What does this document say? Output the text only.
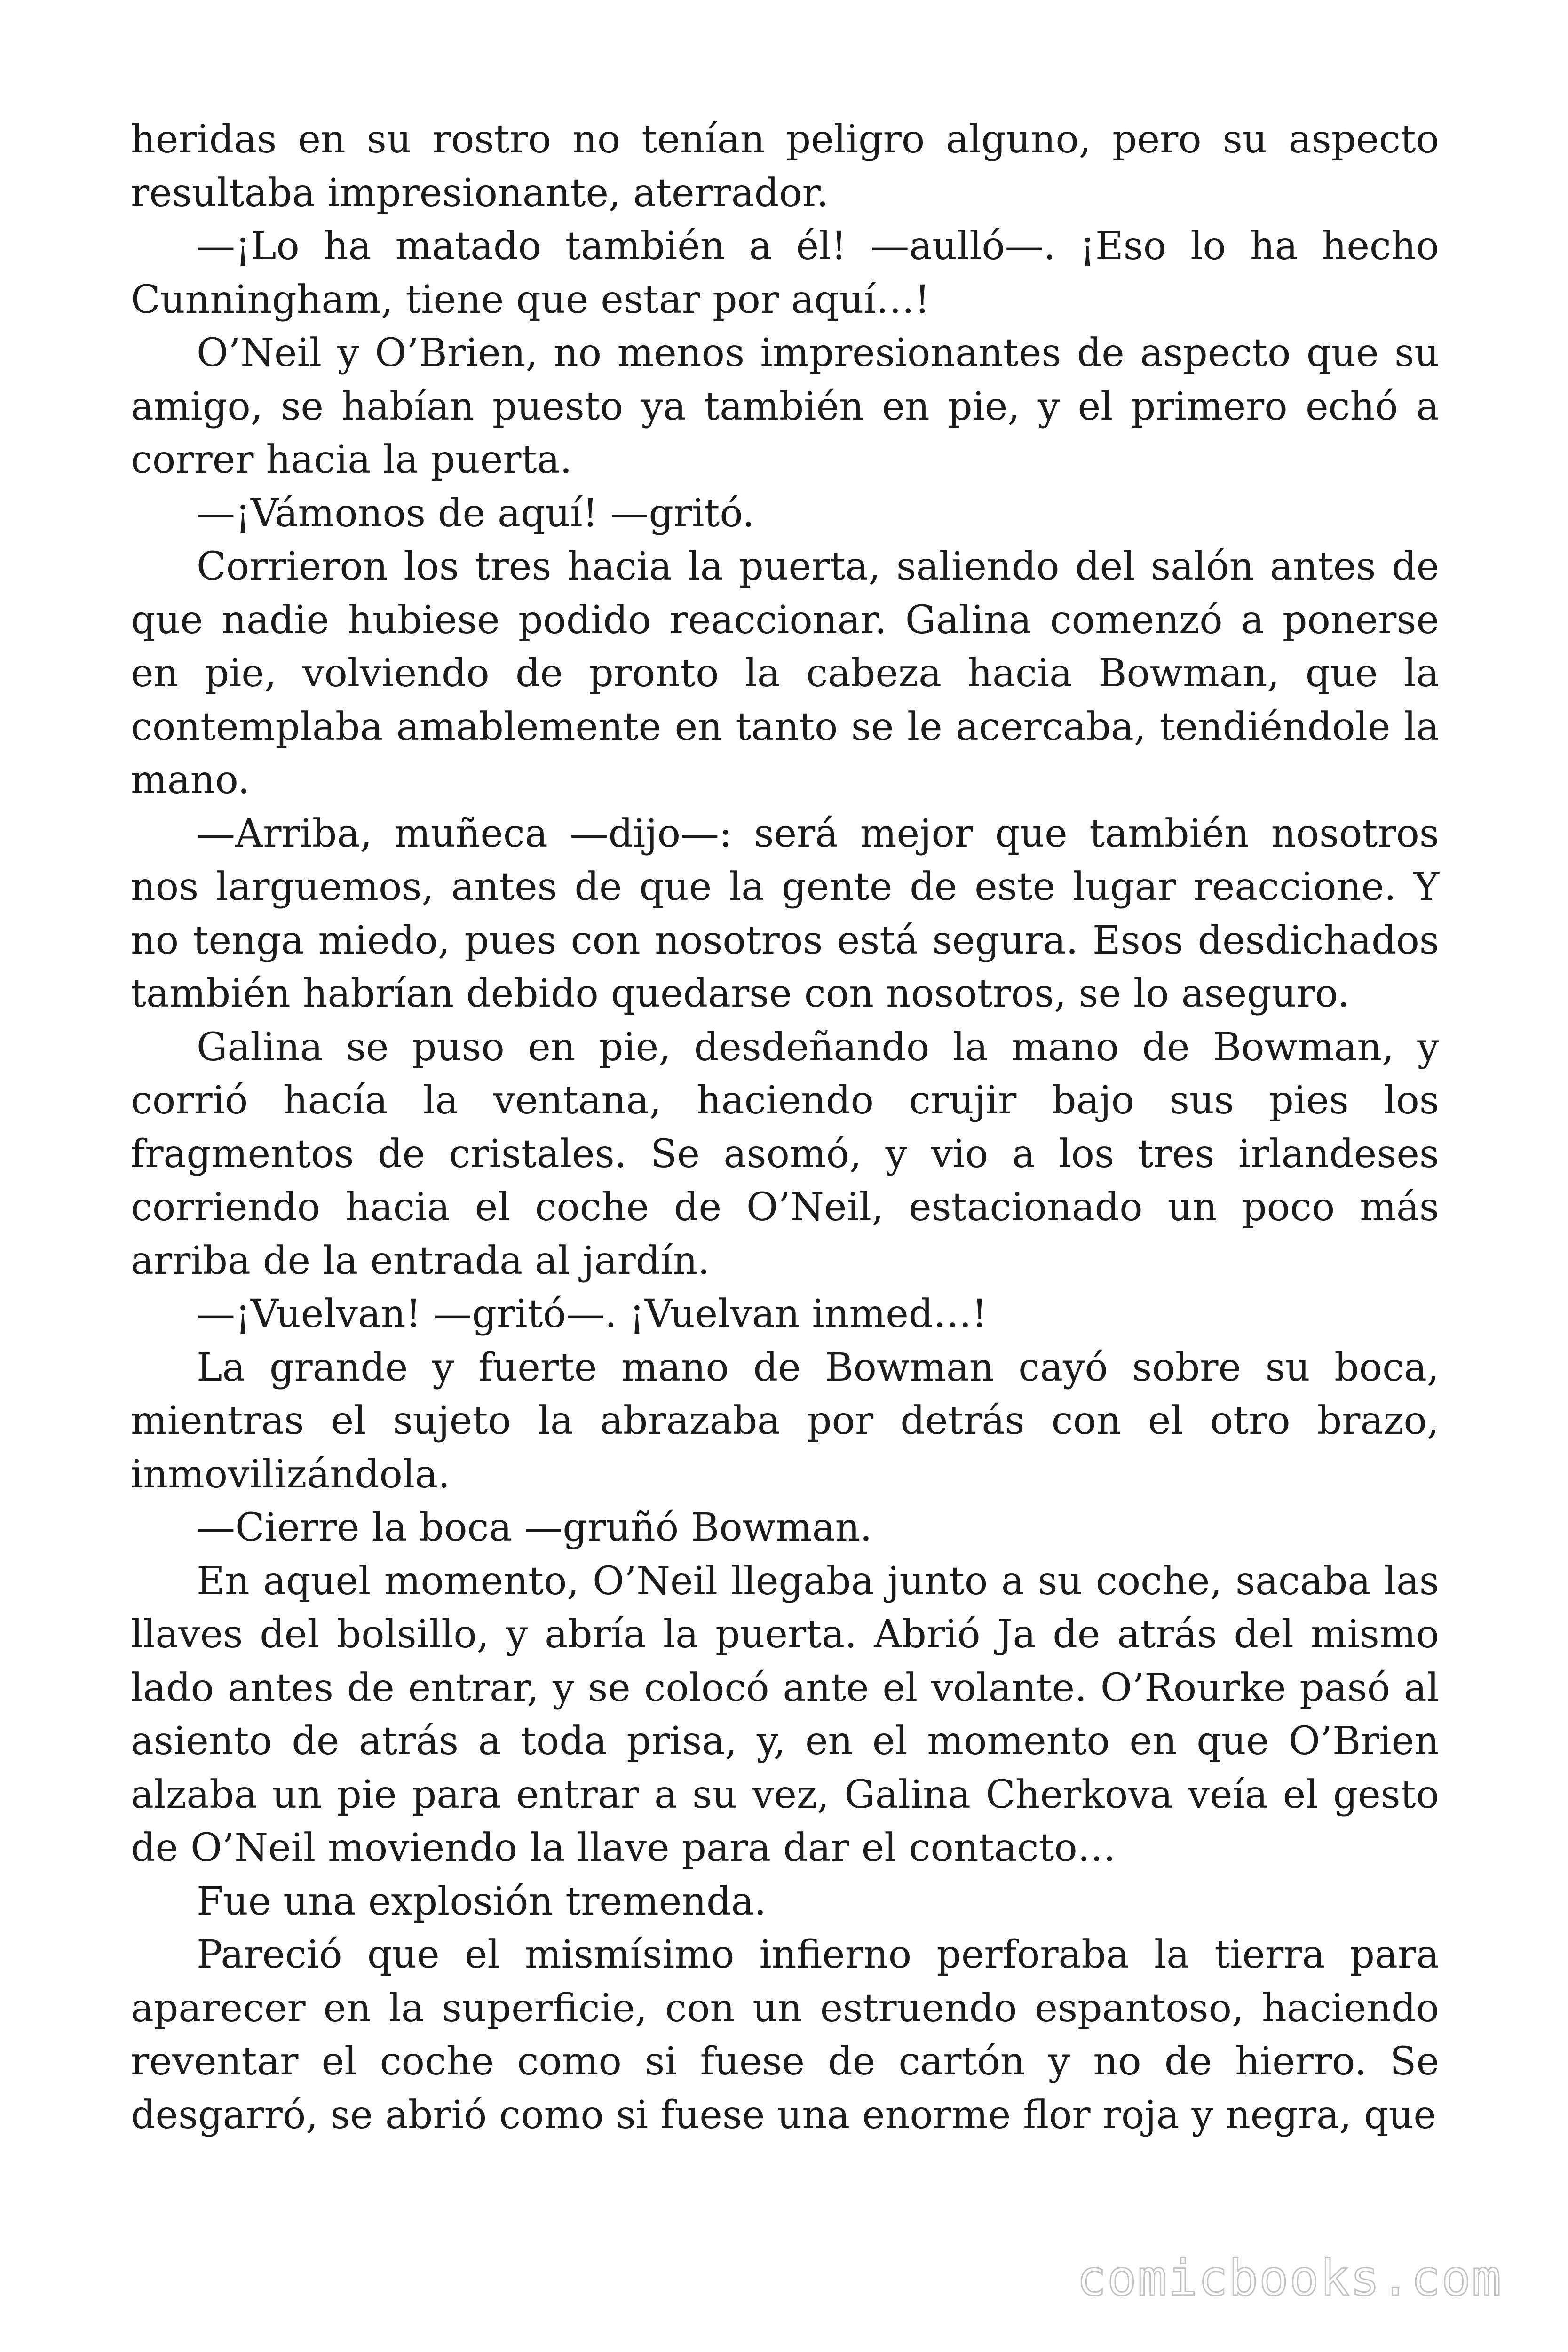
heridas en su rostro no tenían peligro alguno, pero su aspecto resultaba impresionante, aterrador.

—¡Lo ha matado también a él! —aulló—. ¡Eso lo ha hecho Cunningham, tiene que estar por aquí…!

O’Neil y O’Brien, no menos impresionantes de aspecto que su amigo, se habían puesto ya también en pie, y el primero echó a correr hacia la puerta.

—¡Vámonos de aquí! —gritó.

Corrieron los tres hacia la puerta, saliendo del salón antes de que nadie hubiese podido reaccionar. Galina comenzó a ponerse en pie, volviendo de pronto la cabeza hacia Bowman, que la contemplaba amablemente en tanto se le acercaba, tendiéndole la mano.

—Arriba, muñeca —dijo—: será mejor que también nosotros nos larguemos, antes de que la gente de este lugar reaccione. Y no tenga miedo, pues con nosotros está segura. Esos desdichados también habrían debido quedarse con nosotros, se lo aseguro.

Galina se puso en pie, desdeñando la mano de Bowman, y corrió hacía la ventana, haciendo crujir bajo sus pies los fragmentos de cristales. Se asomó, y vio a los tres irlandeses corriendo hacia el coche de O’Neil, estacionado un poco más arriba de la entrada al jardín.

—¡Vuelvan! —gritó—. ¡Vuelvan inmed…!

La grande y fuerte mano de Bowman cayó sobre su boca, mientras el sujeto la abrazaba por detrás con el otro brazo, inmovilizándola.

—Cierre la boca —gruñó Bowman.

En aquel momento, O’Neil llegaba junto a su coche, sacaba las llaves del bolsillo, y abría la puerta. Abrió Ja de atrás del mismo lado antes de entrar, y se colocó ante el volante. O’Rourke pasó al asiento de atrás a toda prisa, y, en el momento en que O’Brien alzaba un pie para entrar a su vez, Galina Cherkova veía el gesto de O’Neil moviendo la llave para dar el contacto…

Fue una explosión tremenda.

Pareció que el mismísimo infierno perforaba la tierra para aparecer en la superficie, con un estruendo espantoso, haciendo reventar el coche como si fuese de cartón y no de hierro. Se desgarró, se abrió como si fuese una enorme flor roja y negra, que

comicbooks.com
